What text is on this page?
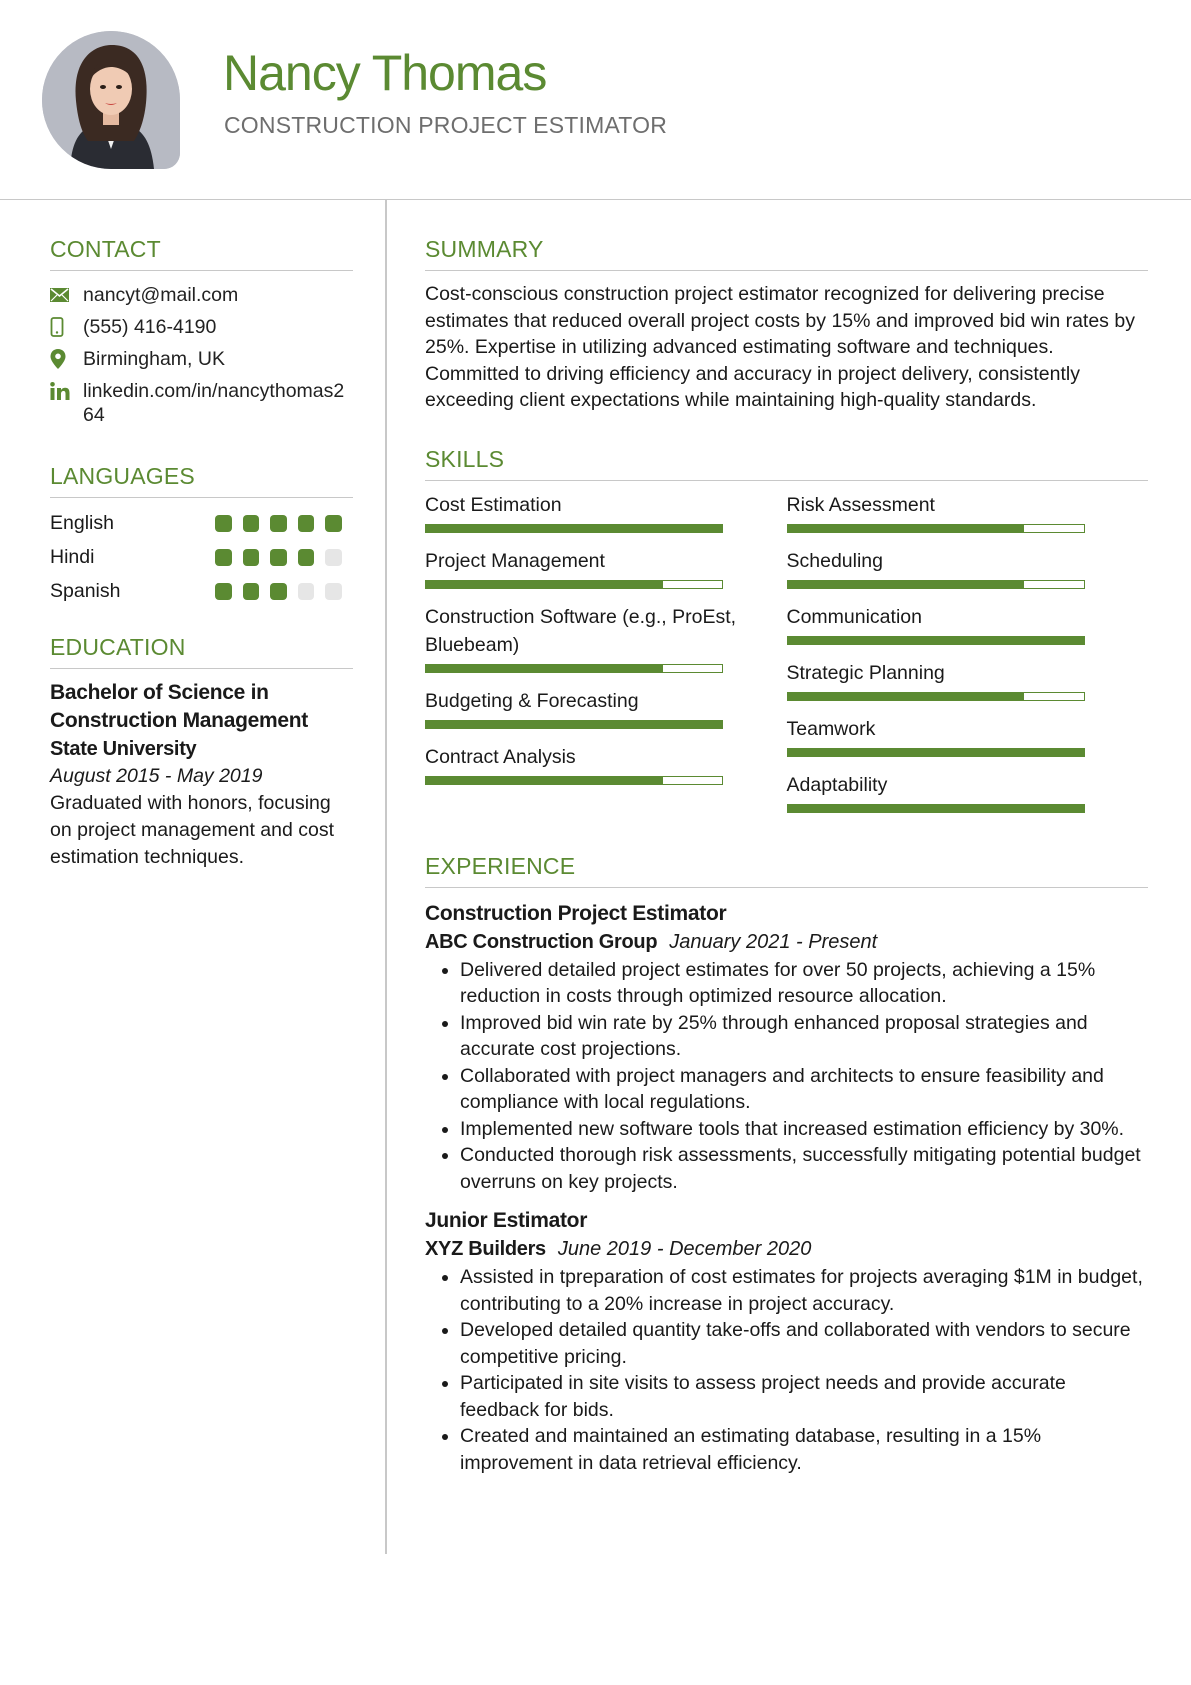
Nancy Thomas
CONSTRUCTION PROJECT ESTIMATOR
CONTACT
nancyt@mail.com
(555) 416-4190
Birmingham, UK
linkedin.com/in/nancythomas264
LANGUAGES
English
Hindi
Spanish
EDUCATION
Bachelor of Science in Construction Management
State University
August 2015 - May 2019
Graduated with honors, focusing on project management and cost estimation techniques.
SUMMARY
Cost-conscious construction project estimator recognized for delivering precise estimates that reduced overall project costs by 15% and improved bid win rates by 25%. Expertise in utilizing advanced estimating software and techniques. Committed to driving efficiency and accuracy in project delivery, consistently exceeding client expectations while maintaining high-quality standards.
SKILLS
Cost Estimation
Project Management
Construction Software (e.g., ProEst, Bluebeam)
Budgeting & Forecasting
Contract Analysis
Risk Assessment
Scheduling
Communication
Strategic Planning
Teamwork
Adaptability
EXPERIENCE
Construction Project Estimator
ABC Construction Group January 2021 - Present
• Delivered detailed project estimates for over 50 projects, achieving a 15% reduction in costs through optimized resource allocation.
• Improved bid win rate by 25% through enhanced proposal strategies and accurate cost projections.
• Collaborated with project managers and architects to ensure feasibility and compliance with local regulations.
• Implemented new software tools that increased estimation efficiency by 30%.
• Conducted thorough risk assessments, successfully mitigating potential budget overruns on key projects.
Junior Estimator
XYZ Builders June 2019 - December 2020
• Assisted in tpreparation of cost estimates for projects averaging $1M in budget, contributing to a 20% increase in project accuracy.
• Developed detailed quantity take-offs and collaborated with vendors to secure competitive pricing.
• Participated in site visits to assess project needs and provide accurate feedback for bids.
• Created and maintained an estimating database, resulting in a 15% improvement in data retrieval efficiency.
